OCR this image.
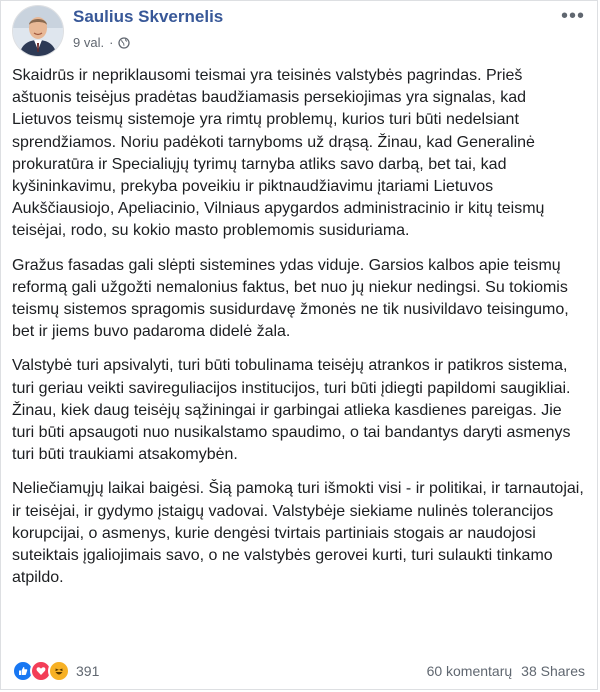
Saulius Skvernelis
9 val. ·
•••

Skaidrūs ir nepriklausomi teismai yra teisinės valstybės pagrindas. Prieš aštuonis teisėjus pradėtas baudžiamasis persekiojimas yra signalas, kad Lietuvos teismų sistemoje yra rimtų problemų, kurios turi būti nedelsiant sprendžiamos. Noriu padėkoti tarnyboms už drąsą. Žinau, kad Generalinė prokuratūra ir Specialiųjų tyrimų tarnyba atliks savo darbą, bet tai, kad kyšininkavimu, prekyba poveikiu ir piktnaudžiavimu įtariami Lietuvos Aukščiausiojo, Apeliacinio, Vilniaus apygardos administracinio ir kitų teismų teisėjai, rodo, su kokio masto problemomis susiduriama.

Gražus fasadas gali slėpti sistemines ydas viduje. Garsios kalbos apie teismų reformą gali užgožti nemalonius faktus, bet nuo jų niekur nedingsi. Su tokiomis teismų sistemos spragomis susidurdavę žmonės ne tik nusivildavo teisingumo, bet ir jiems buvo padaroma didelė žala.

Valstybė turi apsivalyti, turi būti tobulinama teisėjų atrankos ir patikros sistema, turi geriau veikti savireguliacijos institucijos, turi būti įdiegti papildomi saugikliai. Žinau, kiek daug teisėjų sąžiningai ir garbingai atlieka kasdienes pareigas. Jie turi būti apsaugoti nuo nusikalstamo spaudimo, o tai bandantys daryti asmenys turi būti traukiami atsakomybėn.

Neliečiamųjų laikai baigėsi. Šią pamoką turi išmokti visi - ir politikai, ir tarnautojai, ir teisėjai, ir gydymo įstaigų vadovai. Valstybėje siekiame nulinės tolerancijos korupcijai, o asmenys, kurie dengėsi tvirtais partiniais stogais ar naudojosi suteiktais įgaliojimais savo, o ne valstybės gerovei kurti, turi sulaukti tinkamo atpildo.

391	60 komentarų 38 Shares
